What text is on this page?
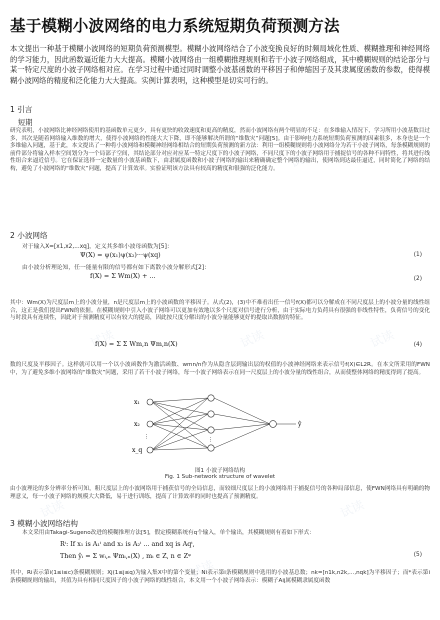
基于模糊小波网络的电力系统短期负荷预测方法
本文提出一种基于模糊小波网络的短期负荷预测模型。模糊小波网络结合了小波变换良好的时频局域化性质、模糊推理和神经网络的学习能力，因此函数逼近能力大大提高。模糊小波网络由一组模糊推理规则和若干小波子网络组成，其中模糊规则的结论部分与某一特定尺度的小波子网络相对应。在学习过程中通过同时调整小波基函数的平移因子和伸缩因子及其隶属度函数的参数，使得模糊小波网络的精度和泛化能力大大提高。实例计算表明，这种模型是切实可行的。
1 引言
短期
研究表明，小波网络比神经网络使用的基函数单元更少，具有更快的收敛速度和更高的精度，然而小波网络有两个明显的不足：在多维输入情况下，学习所用小波基数目过多，其次是随着网络输入维数的增大，使得小波网络的性能大大下降，即不能够解决所谓的“维数灾”问题[5]。由于影响电力系统短期负荷预测的因素很多，本身也是一个多维输入问题，基于此，本文提出了一种将小波网络和模糊神经网络相结合的短期负荷预测的新方法：利用一组模糊规则将小波网络分为若干小波子网络，每条模糊规则的前件部分将输入样本空间划分为一个局部子空间，其结论部分对应对应某一特定尺度下的小波子网络，不同尺度下的小波子网络用于捕捉信号的各种不同特性，将其进行线性组合来逼近信号。它在保证选择一定数量的小波基函数下，由隶属度函数和小波子网络的输出来精确确定整个网络的输出，使网络到达最佳逼近，同时简化了网络的结构，避免了小波网络的“维数灾”问题，提高了计算效率。实验证明该方法具有较高的精度和很强的泛化能力。
2 小波网络
对于输入X=[x1,x2,...xq]，定义其多维小波母函数为[5]：
Ψ(X) = ψ(x₁)ψ(x₂)···ψ(xq)	(1)
由小波分析理论知，任一能量有限的信号都有如下离散小波分解形式[2]：
f(X) = Σ Wm(X) + ...	(2)
其中：Wm(X)为尺度层m上的小波分量，n是尺度层m上的小波函数的平移因子。从式(2)，(3)中不难看出任一信号f(X)都可以分解成在不同尺度层上的小波分量的线性组合，这正是我们提出FWN的依据。在模糊规则中引入小波子网络可以更加有效地以多个尺度对信号进行分析，由于实际电力负荷具有很强的非线性特性，负荷信号的变化与时段具有连续性，因此对于预测精度可以有较大的提高，因此按尺度分解出的小波分量能够更好的提取出数据的特征。
f(X) = Σ Σ Wm,n Ψm,n(X)	(4)
数的尺度及平移因子。这样就可以用一个以小波函数作为激活函数、wmn/n作为从隐含层到输出层的权值的小波神经网络来表示信号f(X)∈L2R。在本文所采用的FWN中，为了避免多维小波网络的“维数灾”问题，采用了若干小波子网络，每一小波子网络表示在同一尺度层上的小波分量的线性组合，从而使整体网络的精度得到了提高。
x₁
x₂
x_q
⋮	⋮
ŷ
图1 小波子网络结构
Fig. 1 Sub-network structure of wavelet
由小波理论的多分辨率分析可知，粗尺度层上的小波网络用于捕获信号的全局信息，而较细尺度层上的小波网络用于捕捉信号的各种局部信息，使FWN网络具有明确的物理意义，每一小波子网络的规模大大降低，易于进行训练，提高了计算效率的同时也提高了预测精度。
3 模糊小波网络结构
本文采用由Takagi-Sugeno改进的模糊推理方法[5]，假定模糊系统有q个输入，单个输出，其模糊规则有着如下形式：
Rⁱ: If x₁ is A₁ⁱ and x₂ is A₂ⁱ ... and xq is Aqⁱ,
Then ŷᵢ = Σ wᵢ,ₙ Ψmᵢ,ₙ(X) , mᵢ ∈ Z, n ∈ Zᵠ	(5)
其中，Ri表示第i(1≤i≤c)条模糊规则；Xj(1≤j≤q)为输入集X中的第个变量；Ni表示第i条模糊规则中选用的小波基总数；nk=[n1k,n2k,...,nqk]为平移因子；而*表示第i条模糊规则的输出，其值为具有相同尺度因子的小波子网络的线性组合，本文用一个小波子网络表示：模糊子Aij属模糊隶属度函数
试读	试读	试读
试读	试读	试读
试读
试读
试读
